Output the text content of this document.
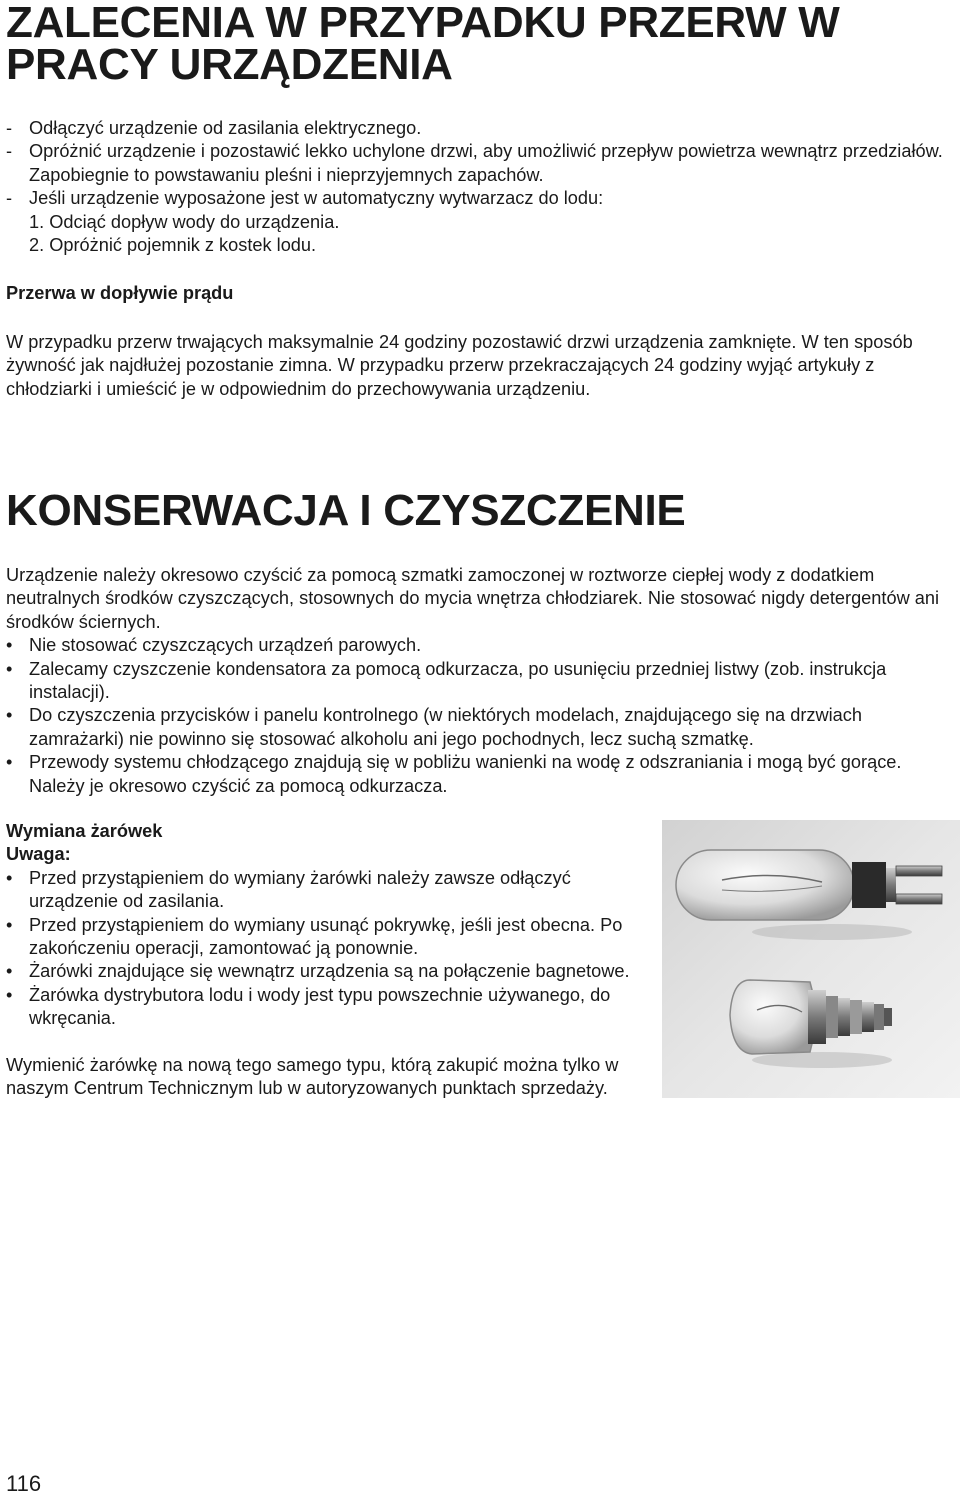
ZALECENIA W PRZYPADKU PRZERW W
PRACY URZĄDZENIA
- Odłączyć urządzenie od zasilania elektrycznego.
- Opróżnić urządzenie i pozostawić lekko uchylone drzwi, aby umożliwić przepływ powietrza wewnątrz przedziałów. Zapobiegnie to powstawaniu pleśni i nieprzyjemnych zapachów.
- Jeśli urządzenie wyposażone jest w automatyczny wytwarzacz do lodu:
1. Odciąć dopływ wody do urządzenia.
2. Opróżnić pojemnik z kostek lodu.
Przerwa w dopływie prądu

W przypadku przerw trwających maksymalnie 24 godziny pozostawić drzwi urządzenia zamknięte. W ten sposób żywność jak najdłużej pozostanie zimna. W przypadku przerw przekraczających 24 godziny wyjąć artykuły z chłodziarki i umieścić je w odpowiednim do przechowywania urządzeniu.

KONSERWACJA I CZYSZCZENIE

Urządzenie należy okresowo czyścić za pomocą szmatki zamoczonej w roztworze ciepłej wody z dodatkiem neutralnych środków czyszczących, stosownych do mycia wnętrza chłodziarek. Nie stosować nigdy detergentów ani środków ściernych.

• Nie stosować czyszczących urządzeń parowych.
• Zalecamy czyszczenie kondensatora za pomocą odkurzacza, po usunięciu przedniej listwy (zob. instrukcja instalacji).
• Do czyszczenia przycisków i panelu kontrolnego (w niektórych modelach, znajdującego się na drzwiach zamrażarki) nie powinno się stosować alkoholu ani jego pochodnych, lecz suchą szmatkę.
• Przewody systemu chłodzącego znajdują się w pobliżu wanienki na wodę z odszraniania i mogą być gorące. Należy je okresowo czyścić za pomocą odkurzacza.
Wymiana żarówek
Uwaga:
• Przed przystąpieniem do wymiany żarówki należy zawsze odłączyć urządzenie od zasilania.
• Przed przystąpieniem do wymiany usunąć pokrywkę, jeśli jest obecna. Po zakończeniu operacji, zamontować ją ponownie.
• Żarówki znajdujące się wewnątrz urządzenia są na połączenie bagnetowe.
• Żarówka dystrybutora lodu i wody jest typu powszechnie używanego, do wkręcania.

Wymienić żarówkę na nową tego samego typu, którą zakupić można tylko w naszym Centrum Technicznym lub w autoryzowanych punktach sprzedaży.

116
